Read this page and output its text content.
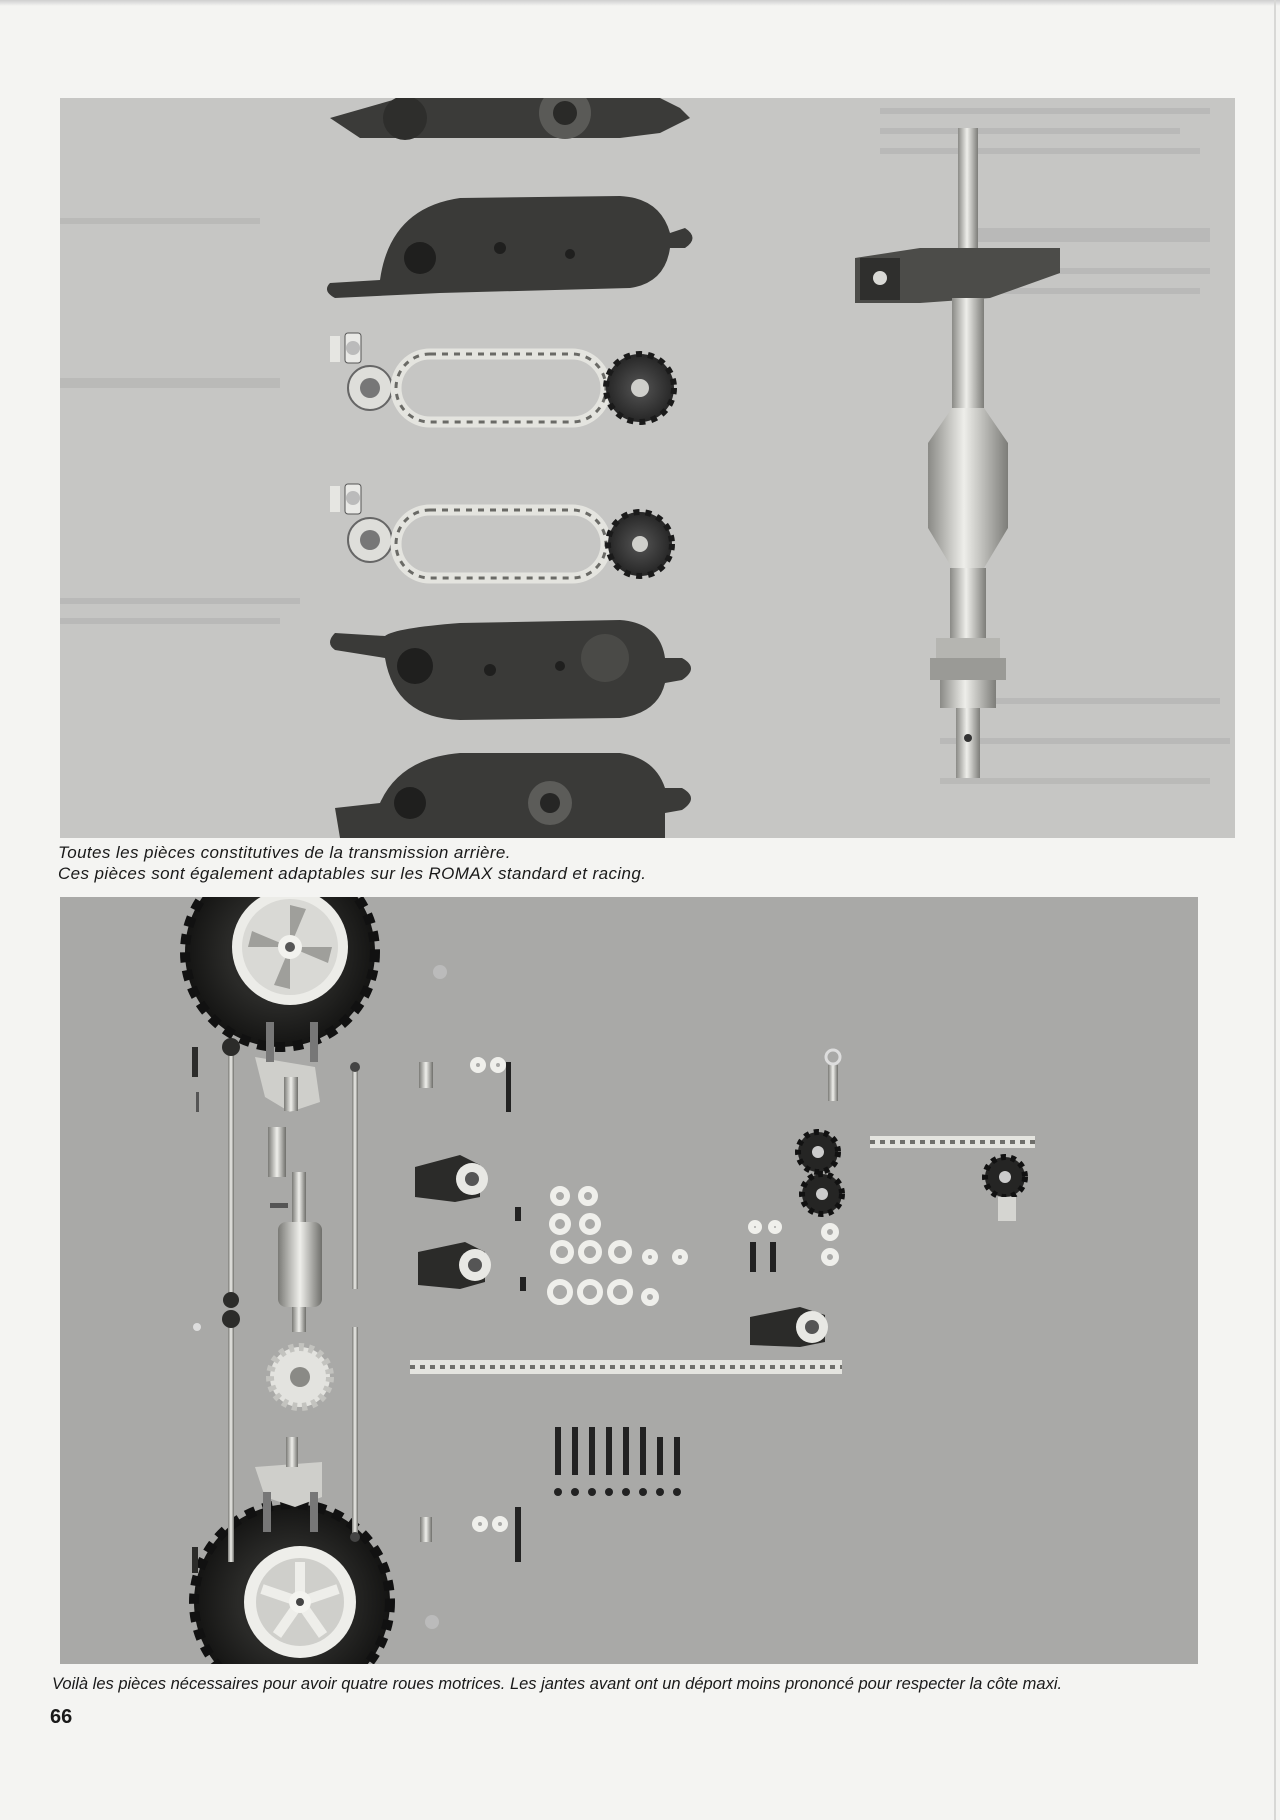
Toutes les pièces constitutives de la transmission arrière.
Ces pièces sont également adaptables sur les ROMAX standard et racing.

Voilà les pièces nécessaires pour avoir quatre roues motrices. Les jantes avant ont un déport moins prononcé pour respecter la côte maxi.

66
